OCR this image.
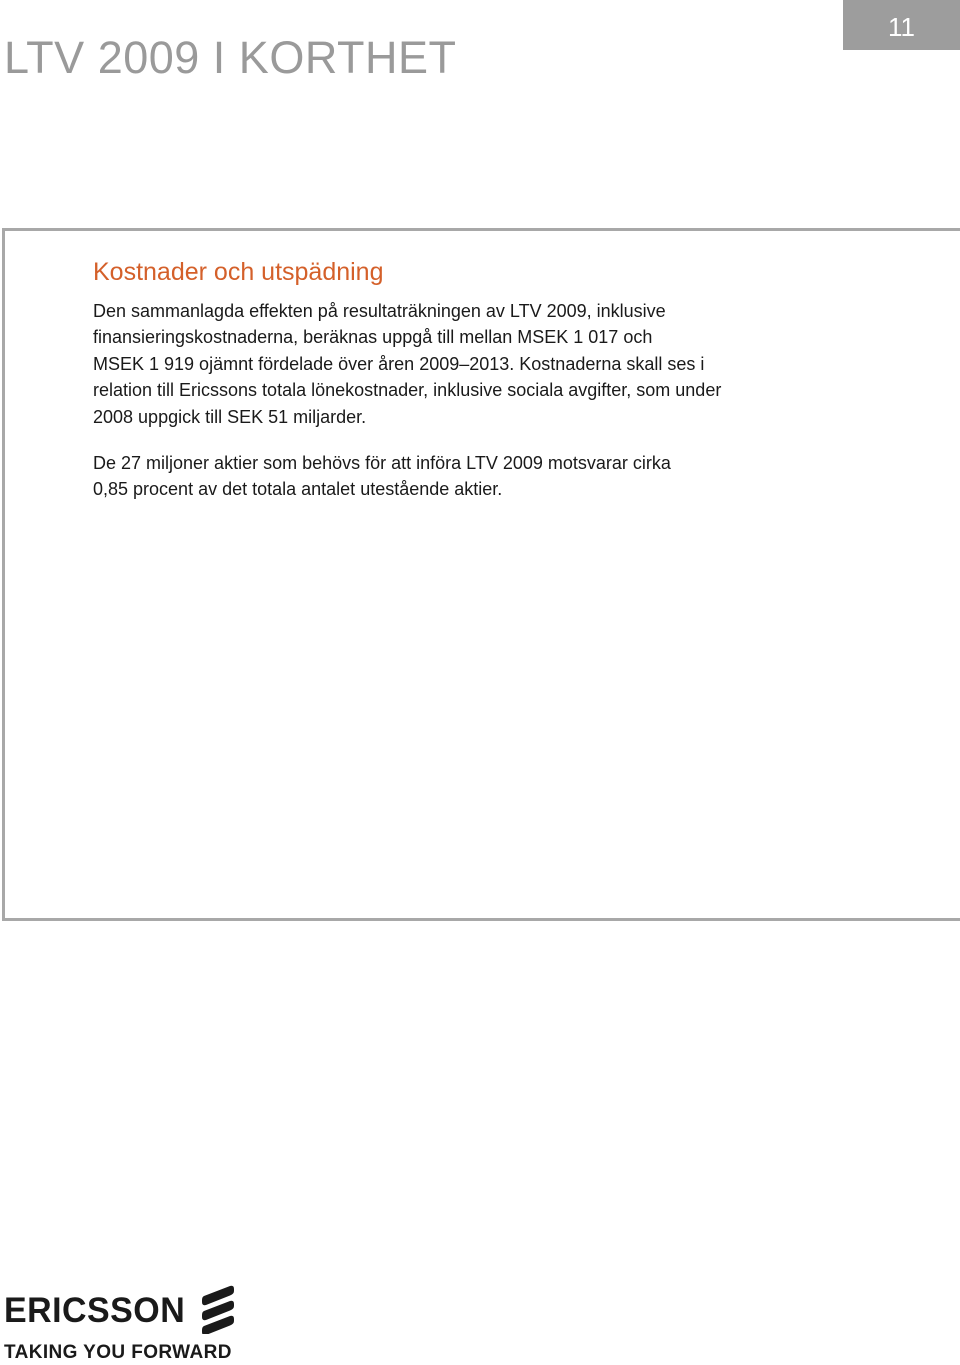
LTV 2009 I KORTHET
11
Kostnader och utspädning

Den sammanlagda effekten på resultaträkningen av LTV 2009, inklusive
finansieringskostnaderna, beräknas uppgå till mellan MSEK 1 017 och
MSEK 1 919 ojämnt fördelade över åren 2009–2013. Kostnaderna skall ses i
relation till Ericssons totala lönekostnader, inklusive sociala avgifter, som under
2008 uppgick till SEK 51 miljarder.

De 27 miljoner aktier som behövs för att införa LTV 2009 motsvarar cirka
0,85 procent av det totala antalet utestående aktier.

ERICSSON
TAKING YOU FORWARD
